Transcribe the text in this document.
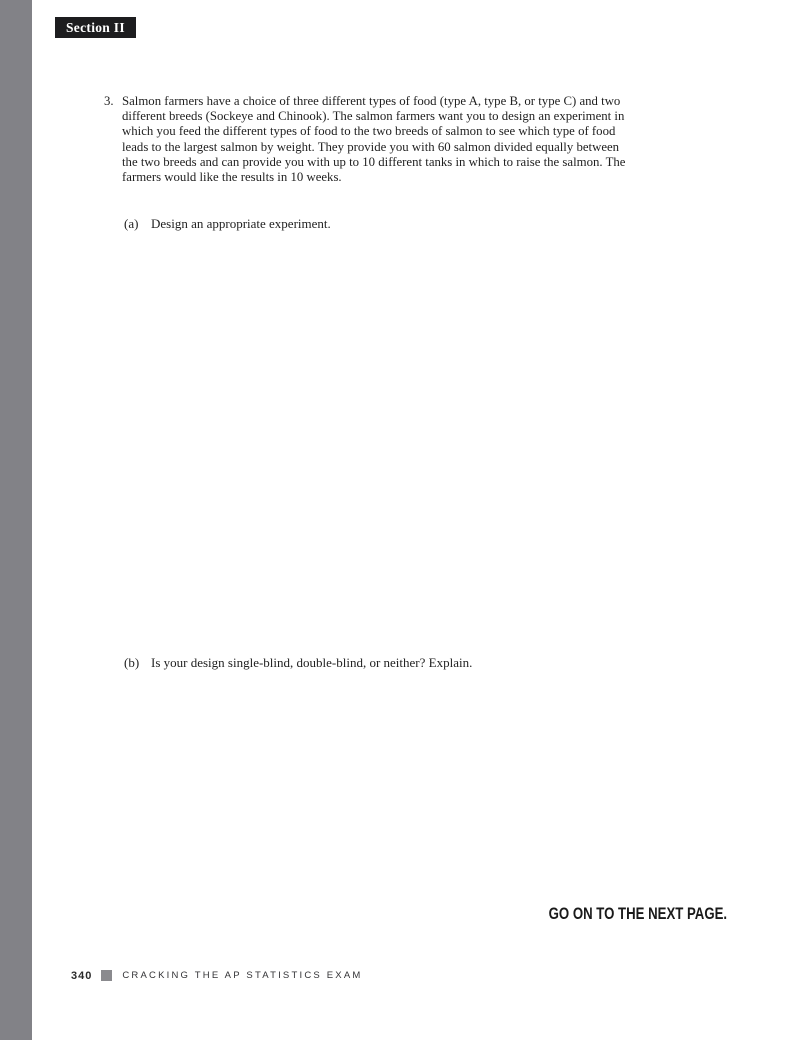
Section II
3. Salmon farmers have a choice of three different types of food (type A, type B, or type C) and two
different breeds (Sockeye and Chinook). The salmon farmers want you to design an experiment in
which you feed the different types of food to the two breeds of salmon to see which type of food
leads to the largest salmon by weight. They provide you with 60 salmon divided equally between
the two breeds and can provide you with up to 10 different tanks in which to raise the salmon. The
farmers would like the results in 10 weeks.
(a) Design an appropriate experiment.
(b) Is your design single-blind, double-blind, or neither? Explain.
GO ON TO THE NEXT PAGE.
340	CRACKING THE AP STATISTICS EXAM
